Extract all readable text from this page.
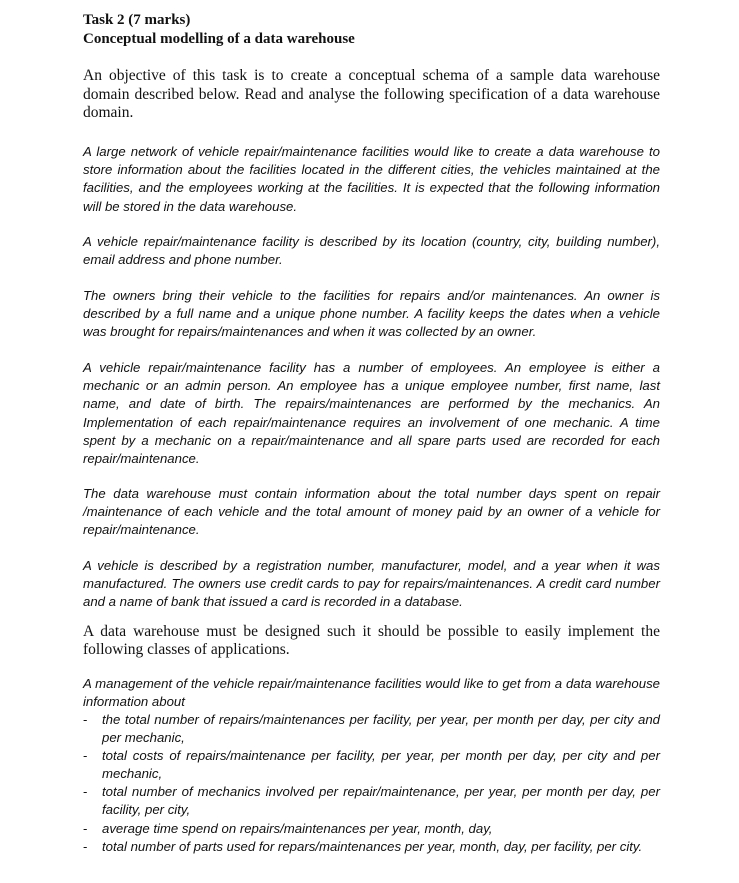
Task 2 (7 marks)
Conceptual modelling of a data warehouse

An objective of this task is to create a conceptual schema of a sample data warehouse domain described below. Read and analyse the following specification of a data warehouse domain.

A large network of vehicle repair/maintenance facilities would like to create a data warehouse to store information about the facilities located in the different cities, the vehicles maintained at the facilities, and the employees working at the facilities. It is expected that the following information will be stored in the data warehouse.

A vehicle repair/maintenance facility is described by its location (country, city, building number), email address and phone number.

The owners bring their vehicle to the facilities for repairs and/or maintenances. An owner is described by a full name and a unique phone number. A facility keeps the dates when a vehicle was brought for repairs/maintenances and when it was collected by an owner.

A vehicle repair/maintenance facility has a number of employees. An employee is either a mechanic or an admin person. An employee has a unique employee number, first name, last name, and date of birth. The repairs/maintenances are performed by the mechanics. An Implementation of each repair/maintenance requires an involvement of one mechanic. A time spent by a mechanic on a repair/maintenance and all spare parts used are recorded for each repair/maintenance.

The data warehouse must contain information about the total number days spent on repair /maintenance of each vehicle and the total amount of money paid by an owner of a vehicle for repair/maintenance.

A vehicle is described by a registration number, manufacturer, model, and a year when it was manufactured. The owners use credit cards to pay for repairs/maintenances. A credit card number and a name of bank that issued a card is recorded in a database.

A data warehouse must be designed such it should be possible to easily implement the following classes of applications.

A management of the vehicle repair/maintenance facilities would like to get from a data warehouse information about

- the total number of repairs/maintenances per facility, per year, per month per day, per city and per mechanic,
- total costs of repairs/maintenance per facility, per year, per month per day, per city and per mechanic,
- total number of mechanics involved per repair/maintenance, per year, per month per day, per facility, per city,
- average time spend on repairs/maintenances per year, month, day,
- total number of parts used for repars/maintenances per year, month, day, per facility, per city.
